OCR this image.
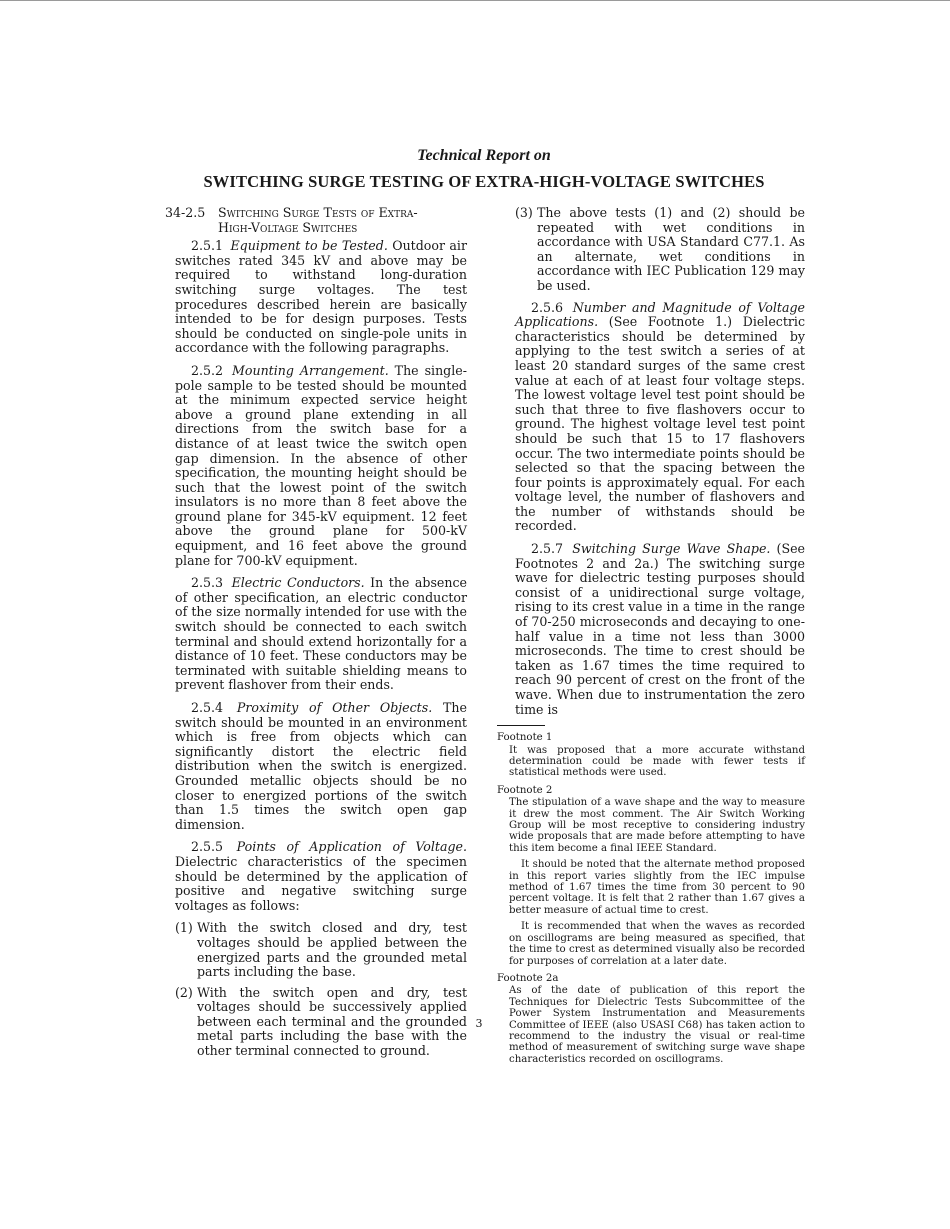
Technical Report on
SWITCHING SURGE TESTING OF EXTRA-HIGH-VOLTAGE SWITCHES
34-2.5 Switching Surge Tests of Extra-
High-Voltage Switches

2.5.1 Equipment to be Tested. Outdoor air switches rated 345 kV and above may be required to withstand long-duration switching surge voltages. The test procedures described herein are basically intended to be for design purposes. Tests should be conducted on single-pole units in accordance with the following paragraphs.

2.5.2 Mounting Arrangement. The single-pole sample to be tested should be mounted at the minimum expected service height above a ground plane extending in all directions from the switch base for a distance of at least twice the switch open gap dimension. In the absence of other specification, the mounting height should be such that the lowest point of the switch insulators is no more than 8 feet above the ground plane for 345-kV equipment. 12 feet above the ground plane for 500-kV equipment, and 16 feet above the ground plane for 700-kV equipment.

2.5.3 Electric Conductors. In the absence of other specification, an electric conductor of the size normally intended for use with the switch should be connected to each switch terminal and should extend horizontally for a distance of 10 feet. These conductors may be terminated with suitable shielding means to prevent flashover from their ends.

2.5.4 Proximity of Other Objects. The switch should be mounted in an environment which is free from objects which can significantly distort the electric field distribution when the switch is energized. Grounded metallic objects should be no closer to energized portions of the switch than 1.5 times the switch open gap dimension.

2.5.5 Points of Application of Voltage. Dielectric characteristics of the specimen should be determined by the application of positive and negative switching surge voltages as follows:

(1) With the switch closed and dry, test voltages should be applied between the energized parts and the grounded metal parts including the base.
(2) With the switch open and dry, test voltages should be successively applied between each terminal and the grounded metal parts including the base with the other terminal connected to ground.
(3) The above tests (1) and (2) should be repeated with wet conditions in accordance with USA Standard C77.1. As an alternate, wet conditions in accordance with IEC Publication 129 may be used.

2.5.6 Number and Magnitude of Voltage Applications. (See Footnote 1.) Dielectric characteristics should be determined by applying to the test switch a series of at least 20 standard surges of the same crest value at each of at least four voltage steps. The lowest voltage level test point should be such that three to five flashovers occur to ground. The highest voltage level test point should be such that 15 to 17 flashovers occur. The two intermediate points should be selected so that the spacing between the four points is approximately equal. For each voltage level, the number of flashovers and the number of withstands should be recorded.

2.5.7 Switching Surge Wave Shape. (See Footnotes 2 and 2a.) The switching surge wave for dielectric testing purposes should consist of a unidirectional surge voltage, rising to its crest value in a time in the range of 70-250 microseconds and decaying to one-half value in a time not less than 3000 microseconds. The time to crest should be taken as 1.67 times the time required to reach 90 percent of crest on the front of the wave. When due to instrumentation the zero time is

Footnote 1

It was proposed that a more accurate withstand determination could be made with fewer tests if statistical methods were used.

Footnote 2

The stipulation of a wave shape and the way to measure it drew the most comment. The Air Switch Working Group will be most receptive to considering industry wide proposals that are made before attempting to have this item become a final IEEE Standard.

It should be noted that the alternate method proposed in this report varies slightly from the IEC impulse method of 1.67 times the time from 30 percent to 90 percent voltage. It is felt that 2 rather than 1.67 gives a better measure of actual time to crest.

It is recommended that when the waves as recorded on oscillograms are being measured as specified, that the time to crest as determined visually also be recorded for purposes of correlation at a later date.

Footnote 2a

As of the date of publication of this report the Techniques for Dielectric Tests Subcommittee of the Power System Instrumentation and Measurements Committee of IEEE (also USASI C68) has taken action to recommend to the industry the visual or real-time method of measurement of switching surge wave shape characteristics recorded on oscillograms.

3
